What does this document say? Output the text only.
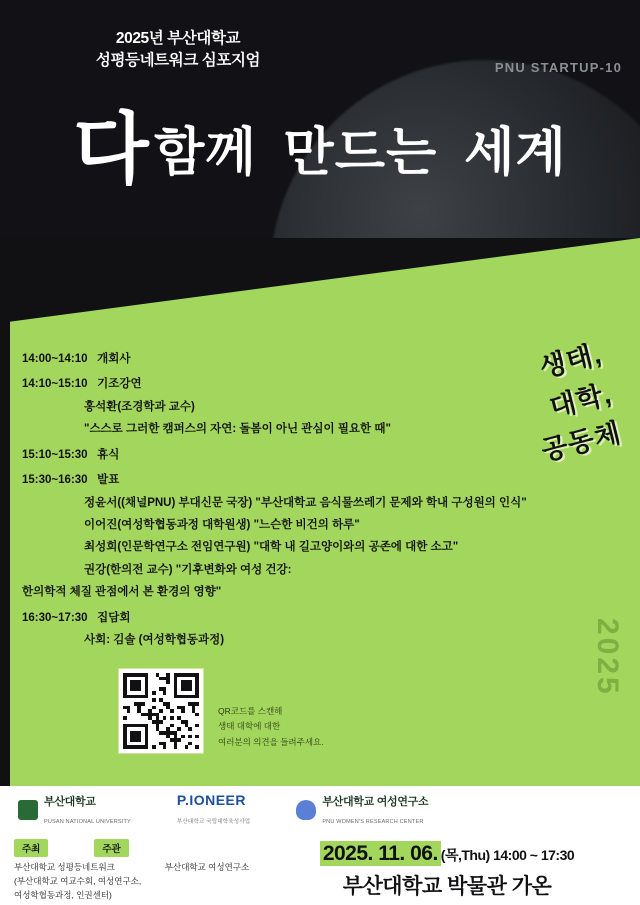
2025년 부산대학교
성평등네트워크 심포지엄	PNU STARTUP-10
다 함께 만드는 세계
생태,
대학,
공동체
2025
14:00~14:10 개회사
14:10~15:10 기조강연
홍석환(조경학과 교수)
"스스로 그러한 캠퍼스의 자연: 돌봄이 아닌 관심이 필요한 때"
15:10~15:30 휴식
15:30~16:30 발표
정윤서((채널PNU) 부대신문 국장) "부산대학교 음식물쓰레기 문제와 학내 구성원의 인식"
이어진(여성학협동과정 대학원생) "느슨한 비건의 하루"
최성희(인문학연구소 전임연구원) "대학 내 길고양이와의 공존에 대한 소고"
권강(한의전 교수) "기후변화와 여성 건강:
한의학적 체질 관점에서 본 환경의 영향"
16:30~17:30 집담회
사회: 김솔 (여성학협동과정)
QR코드를 스캔해
생태 대학에 대한
여러분의 의견을 들려주세요.
부산대학교
PUSAN NATIONAL UNIVERSITY
P.IONEER
부산대학교 국립대학육성사업
부산대학교 여성연구소
PNU WOMEN'S RESEARCH CENTER
주최	주관
부산대학교 성평등네트워크
(부산대학교 여교수회, 여성연구소,
여성학협동과정, 인권센터)
부산대학교 여성연구소
2025. 11. 06. (목,Thu) 14:00 ~ 17:30
부산대학교 박물관 가온
